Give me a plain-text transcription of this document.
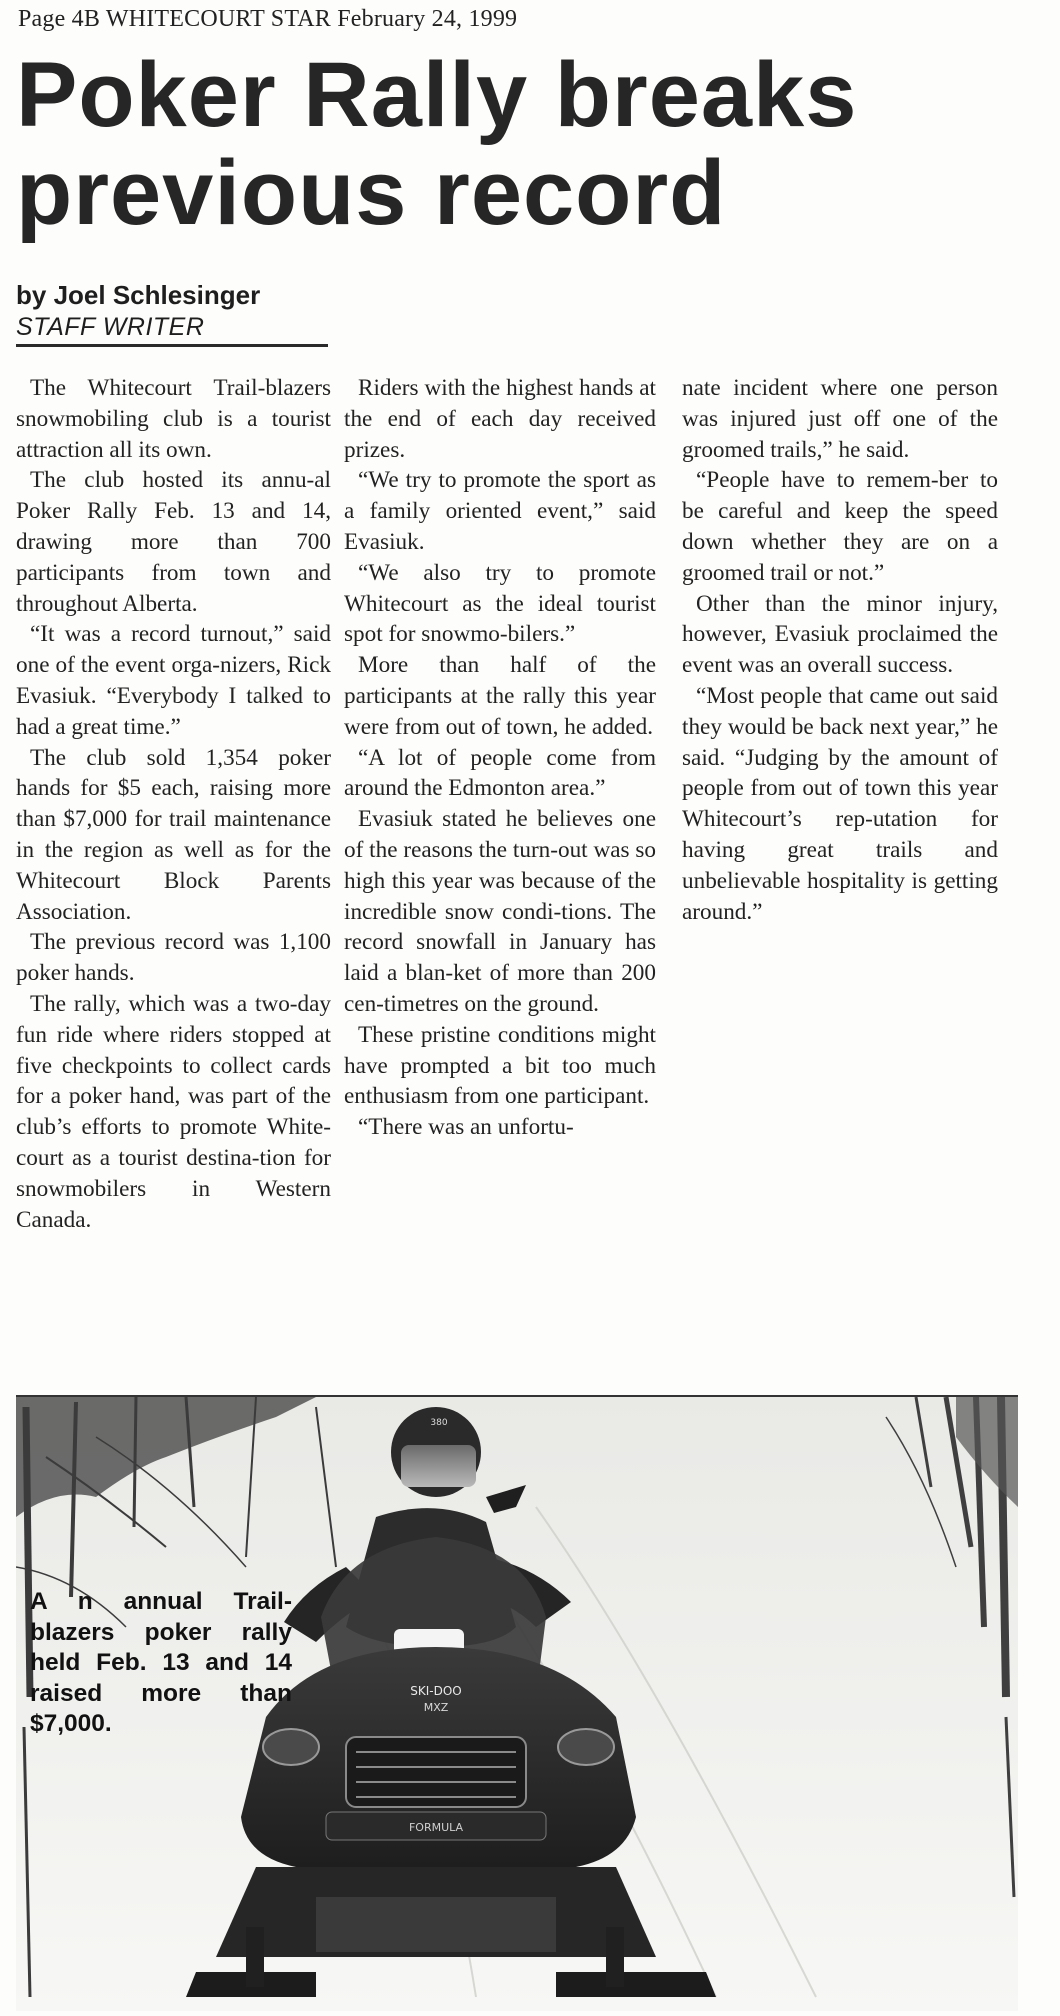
Page 4B WHITECOURT STAR February 24, 1999
Poker Rally breaks previous record
by Joel Schlesinger
STAFF WRITER

The Whitecourt Trail-blazers snowmobiling club is a tourist attraction all its own.

The club hosted its annu-al Poker Rally Feb. 13 and 14, drawing more than 700 participants from town and throughout Alberta.

“It was a record turnout,” said one of the event orga-nizers, Rick Evasiuk. “Everybody I talked to had a great time.”

The club sold 1,354 poker hands for $5 each, raising more than $7,000 for trail maintenance in the region as well as for the Whitecourt Block Parents Association.

The previous record was 1,100 poker hands.

The rally, which was a two-day fun ride where riders stopped at five checkpoints to collect cards for a poker hand, was part of the club’s efforts to promote White-court as a tourist destina-tion for snowmobilers in Western Canada.

Riders with the highest hands at the end of each day received prizes.

“We try to promote the sport as a family oriented event,” said Evasiuk.

“We also try to promote Whitecourt as the ideal tourist spot for snowmo-bilers.”

More than half of the participants at the rally this year were from out of town, he added.

“A lot of people come from around the Edmonton area.”

Evasiuk stated he believes one of the reasons the turn-out was so high this year was because of the incredible snow condi-tions. The record snowfall in January has laid a blan-ket of more than 200 cen-timetres on the ground.

These pristine conditions might have prompted a bit too much enthusiasm from one participant.

“There was an unfortu-

nate incident where one person was injured just off one of the groomed trails,” he said.

“People have to remem-ber to be careful and keep the speed down whether they are on a groomed trail or not.”

Other than the minor injury, however, Evasiuk proclaimed the event was an overall success.

“Most people that came out said they would be back next year,” he said. “Judging by the amount of people from out of town this year Whitecourt’s rep-utation for having great trails and unbelievable hospitality is getting around.”

380
SKI-DOO
MXZ
FORMULA
A n annual Trail-blazers poker rally held Feb. 13 and 14 raised more than $7,000.
